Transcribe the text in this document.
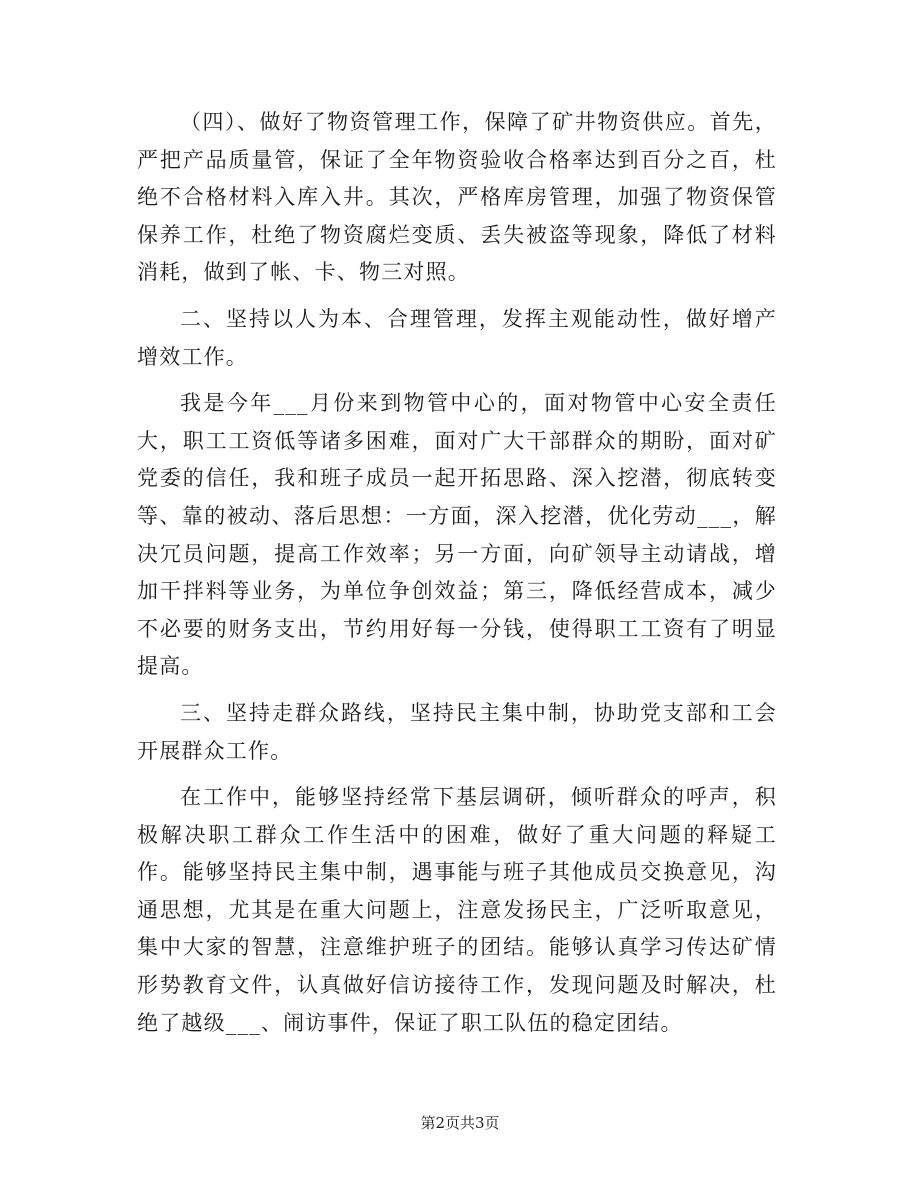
（四）、做好了物资管理工作，保障了矿井物资供应。首先，严把产品质量管，保证了全年物资验收合格率达到百分之百，杜绝不合格材料入库入井。其次，严格库房管理，加强了物资保管保养工作，杜绝了物资腐烂变质、丢失被盗等现象，降低了材料消耗，做到了帐、卡、物三对照。

二、坚持以人为本、合理管理，发挥主观能动性，做好增产增效工作。

我是今年___月份来到物管中心的，面对物管中心安全责任大，职工工资低等诸多困难，面对广大干部群众的期盼，面对矿党委的信任，我和班子成员一起开拓思路、深入挖潜，彻底转变等、靠的被动、落后思想：一方面，深入挖潜，优化劳动___，解决冗员问题，提高工作效率；另一方面，向矿领导主动请战，增加干拌料等业务，为单位争创效益；第三，降低经营成本，减少不必要的财务支出，节约用好每一分钱，使得职工工资有了明显提高。

三、坚持走群众路线，坚持民主集中制，协助党支部和工会开展群众工作。

在工作中，能够坚持经常下基层调研，倾听群众的呼声，积极解决职工群众工作生活中的困难，做好了重大问题的释疑工作。能够坚持民主集中制，遇事能与班子其他成员交换意见，沟通思想，尤其是在重大问题上，注意发扬民主，广泛听取意见，集中大家的智慧，注意维护班子的团结。能够认真学习传达矿情形势教育文件，认真做好信访接待工作，发现问题及时解决，杜绝了越级___、闹访事件，保证了职工队伍的稳定团结。

第2页共3页
